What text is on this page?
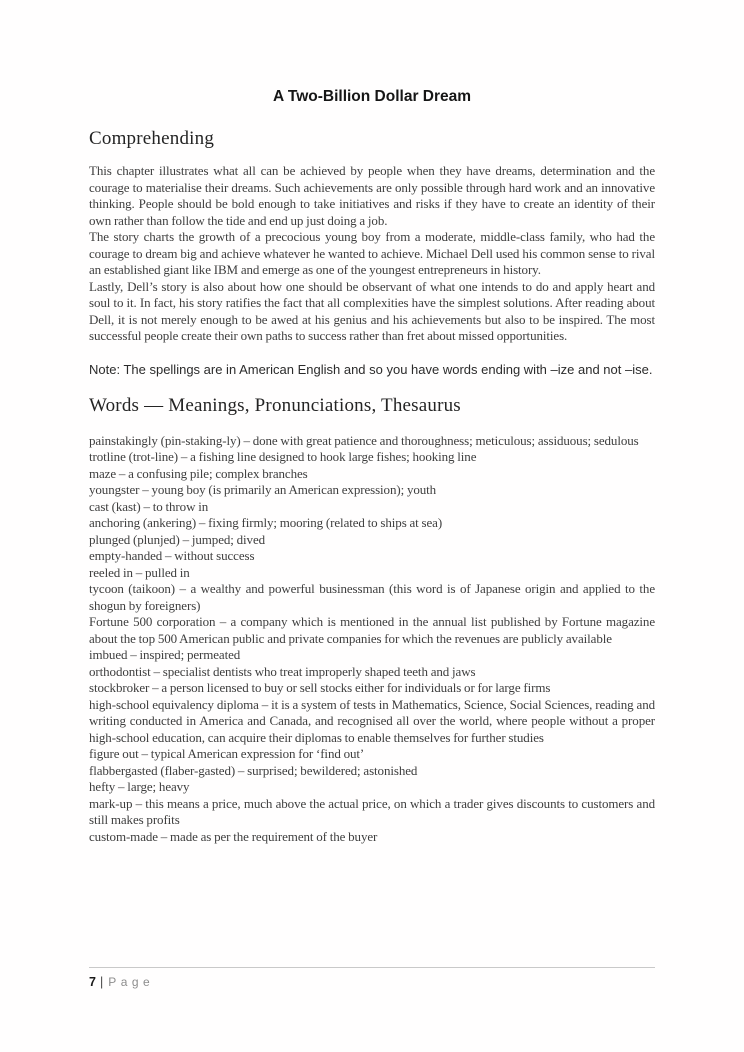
A Two-Billion Dollar Dream
Comprehending

This chapter illustrates what all can be achieved by people when they have dreams, determination and the courage to materialise their dreams. Such achievements are only possible through hard work and an innovative thinking. People should be bold enough to take initiatives and risks if they have to create an identity of their own rather than follow the tide and end up just doing a job.

The story charts the growth of a precocious young boy from a moderate, middle-class family, who had the courage to dream big and achieve whatever he wanted to achieve. Michael Dell used his common sense to rival an established giant like IBM and emerge as one of the youngest entrepreneurs in history.

Lastly, Dell’s story is also about how one should be observant of what one intends to do and apply heart and soul to it. In fact, his story ratifies the fact that all complexities have the simplest solutions. After reading about Dell, it is not merely enough to be awed at his genius and his achievements but also to be inspired. The most successful people create their own paths to success rather than fret about missed opportunities.

Note: The spellings are in American English and so you have words ending with –ize and not –ise.

Words — Meanings, Pronunciations, Thesaurus

painstakingly (pin-staking-ly) – done with great patience and thoroughness; meticulous; assiduous; sedulous

trotline (trot-line) – a fishing line designed to hook large fishes; hooking line

maze – a confusing pile; complex branches

youngster – young boy (is primarily an American expression); youth

cast (kast) – to throw in

anchoring (ankering) – fixing firmly; mooring (related to ships at sea)

plunged (plunjed) – jumped; dived

empty-handed – without success

reeled in – pulled in

tycoon (taikoon) – a wealthy and powerful businessman (this word is of Japanese origin and applied to the shogun by foreigners)

Fortune 500 corporation – a company which is mentioned in the annual list published by Fortune magazine about the top 500 American public and private companies for which the revenues are publicly available

imbued – inspired; permeated

orthodontist – specialist dentists who treat improperly shaped teeth and jaws

stockbroker – a person licensed to buy or sell stocks either for individuals or for large firms

high-school equivalency diploma – it is a system of tests in Mathematics, Science, Social Sciences, reading and writing conducted in America and Canada, and recognised all over the world, where people without a proper high-school education, can acquire their diplomas to enable themselves for further studies

figure out – typical American expression for ‘find out’

flabbergasted (flaber-gasted) – surprised; bewildered; astonished

hefty – large; heavy

mark-up – this means a price, much above the actual price, on which a trader gives discounts to customers and still makes profits

custom-made – made as per the requirement of the buyer

7 | Page
